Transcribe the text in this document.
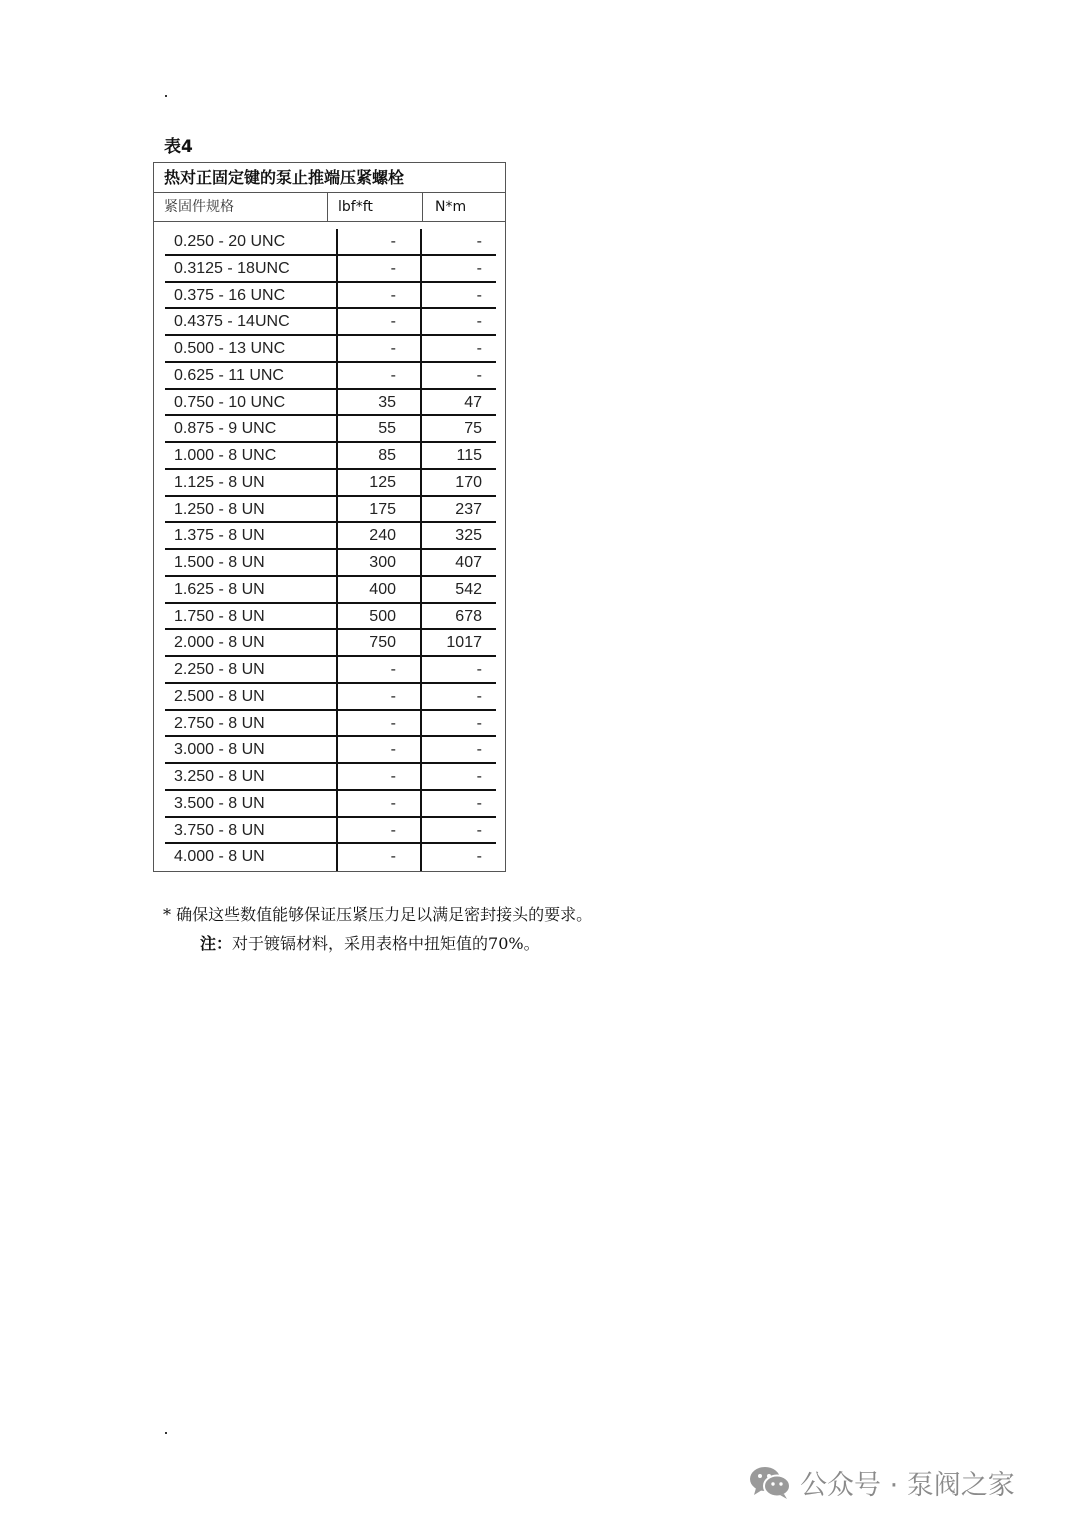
表4
热对正固定键的泵止推端压紧螺栓
紧固件规格	lbf*ft	N*m
0.250 - 20 UNC	-	-
0.3125 - 18UNC	-	-
0.375 - 16 UNC	-	-
0.4375 - 14UNC	-	-
0.500 - 13 UNC	-	-
0.625 - 11 UNC	-	-
0.750 - 10 UNC	35	47
0.875 - 9 UNC	55	75
1.000 - 8 UNC	85	115
1.125 - 8 UN	125	170
1.250 - 8 UN	175	237
1.375 - 8 UN	240	325
1.500 - 8 UN	300	407
1.625 - 8 UN	400	542
1.750 - 8 UN	500	678
2.000 - 8 UN	750	1017
2.250 - 8 UN	-	-
2.500 - 8 UN	-	-
2.750 - 8 UN	-	-
3.000 - 8 UN	-	-
3.250 - 8 UN	-	-
3.500 - 8 UN	-	-
3.750 - 8 UN	-	-
4.000 - 8 UN	-	-
* 确保这些数值能够保证压紧压力足以满足密封接头的要求。
注：对于镀镉材料，采用表格中扭矩值的70%。
公众号 · 泵阀之家
